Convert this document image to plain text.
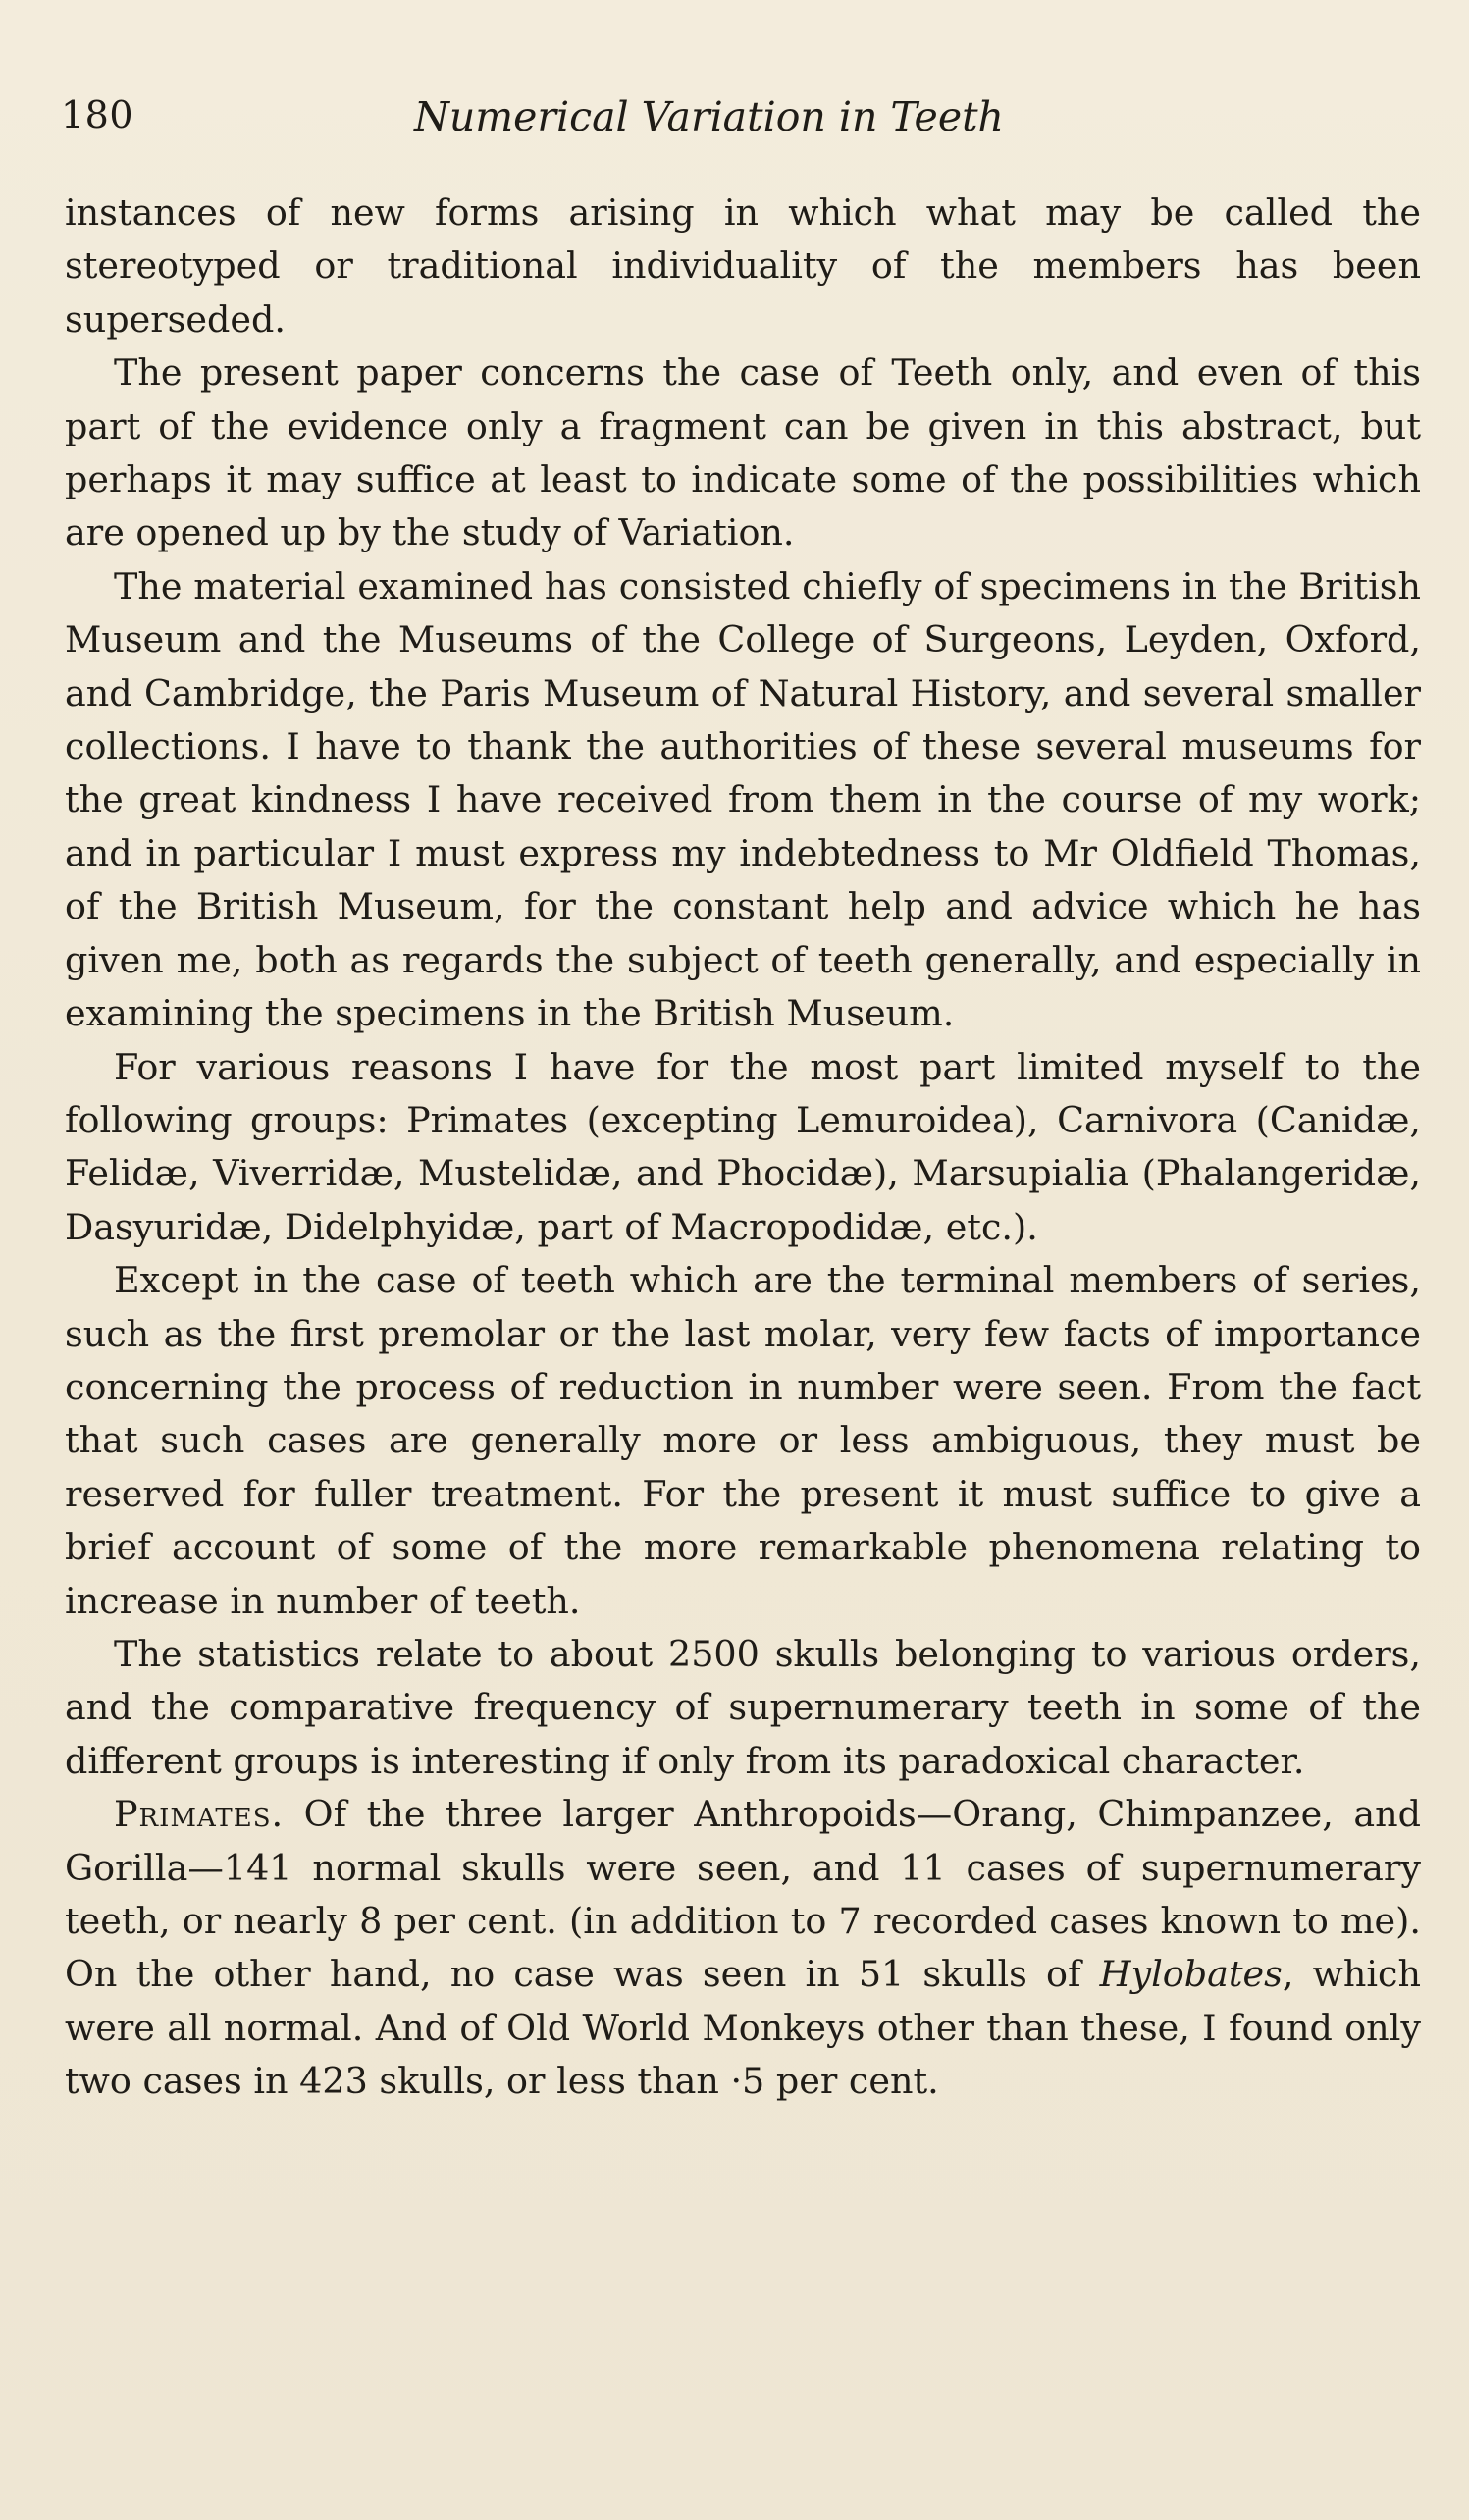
180	Numerical Variation in Teeth

instances of new forms arising in which what may be called the stereotyped or traditional individuality of the members has been superseded.

The present paper concerns the case of Teeth only, and even of this part of the evidence only a fragment can be given in this abstract, but perhaps it may suffice at least to indicate some of the possibilities which are opened up by the study of Variation.

The material examined has consisted chiefly of specimens in the British Museum and the Museums of the College of Surgeons, Leyden, Oxford, and Cambridge, the Paris Museum of Natural History, and several smaller collections. I have to thank the authorities of these several museums for the great kindness I have received from them in the course of my work; and in particular I must express my indebtedness to Mr Oldfield Thomas, of the British Museum, for the constant help and advice which he has given me, both as regards the subject of teeth generally, and especially in examining the specimens in the British Museum.

For various reasons I have for the most part limited myself to the following groups: Primates (excepting Lemuroidea), Carnivora (Canidæ, Felidæ, Viverridæ, Mustelidæ, and Phocidæ), Marsupialia (Phalangeridæ, Dasyuridæ, Didelphyidæ, part of Macropodidæ, etc.).

Except in the case of teeth which are the terminal members of series, such as the first premolar or the last molar, very few facts of importance concerning the process of reduction in number were seen. From the fact that such cases are generally more or less ambiguous, they must be reserved for fuller treatment. For the present it must suffice to give a brief account of some of the more remarkable phenomena relating to increase in number of teeth.

The statistics relate to about 2500 skulls belonging to various orders, and the comparative frequency of supernumerary teeth in some of the different groups is interesting if only from its paradoxical character.

Primates. Of the three larger Anthropoids—Orang, Chimpanzee, and Gorilla—141 normal skulls were seen, and 11 cases of supernumerary teeth, or nearly 8 per cent. (in addition to 7 recorded cases known to me). On the other hand, no case was seen in 51 skulls of Hylobates, which were all normal. And of Old World Monkeys other than these, I found only two cases in 423 skulls, or less than ·5 per cent.
